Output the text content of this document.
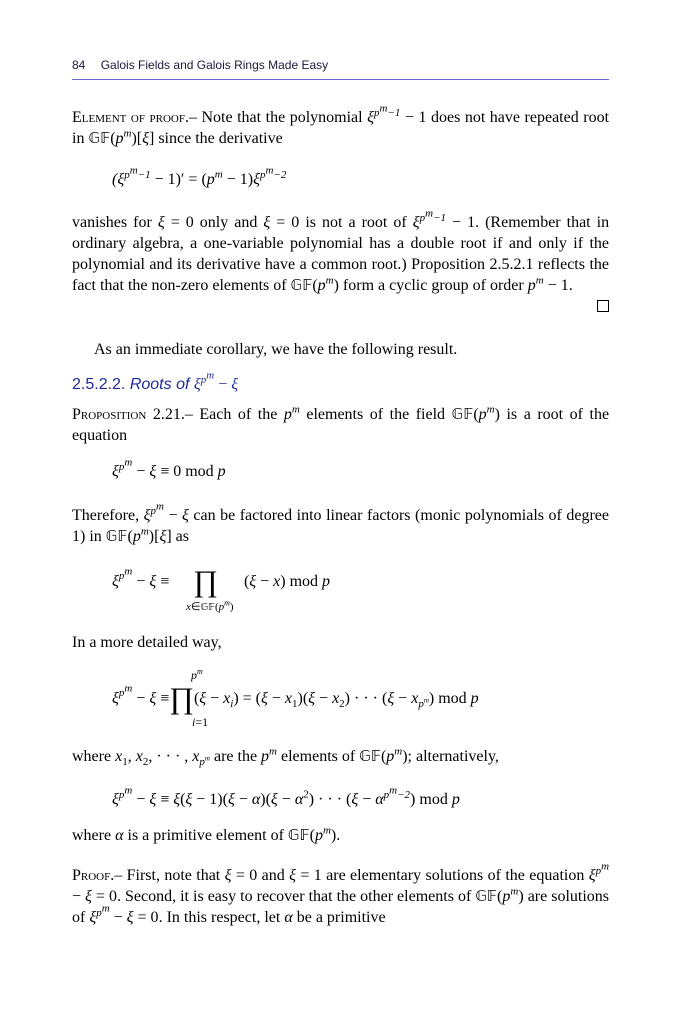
84 Galois Fields and Galois Rings Made Easy
Element of proof.– Note that the polynomial $\xi^{p^m-1} - 1$ does not have repeated root in $𝔾𝔽(p^m)[\xi]$ since the derivative
$(\xi^{p^m-1} - 1)' = (p^m - 1)\xi^{p^m-2}$
vanishes for ξ = 0 only and ξ = 0 is not a root of $\xi^{p^m-1} - 1$. (Remember that in ordinary algebra, a one-variable polynomial has a double root if and only if the polynomial and its derivative have a common root.) Proposition 2.5.2.1 reflects the fact that the non-zero elements of $𝔾𝔽(p^m)$ form a cyclic group of order $p^m - 1$.
As an immediate corollary, we have the following result.
2.5.2.2. Roots of $\xi^{p^m} - \xi$
Proposition 2.21.– Each of the $p^m$ elements of the field $𝔾𝔽(p^m)$ is a root of the equation
$\xi^{p^m} - \xi \equiv 0$ mod p
Therefore, $\xi^{p^m} - \xi$ can be factored into linear factors (monic polynomials of degree 1) in $𝔾𝔽(p^m)[\xi]$ as
$\xi^{p^m} - \xi$ ≡ ∏ (ξ − x) mod p
$x\in 𝔾𝔽(p^m)$
In a more detailed way,
$p^m$
$\xi^{p^m} - \xi$ ≡∏(ξ − $x_i) = (\xi - x_1)(\xi - x_2)$ · · · $(\xi - x_{p^m})$ mod p
i=1
where $x_1$, $x_2$, · · · , $x_{p^m}$ are the $p^m$ elements of $𝔾𝔽(p^m)$; alternatively,
$\xi^{p^m} - \xi \equiv \xi(\xi - 1)(\xi - \alpha)(\xi - \alpha^2)$ · · · $(\xi - \alpha^{p^m-2})$ mod p
where α is a primitive element of $𝔾𝔽(p^m)$.
Proof.– First, note that ξ = 0 and ξ = 1 are elementary solutions of the equation $\xi^{p^m} - \xi = 0$. Second, it is easy to recover that the other elements of $𝔾𝔽(p^m)$ are solutions of $\xi^{p^m} - \xi = 0$. In this respect, let α be a primitive
